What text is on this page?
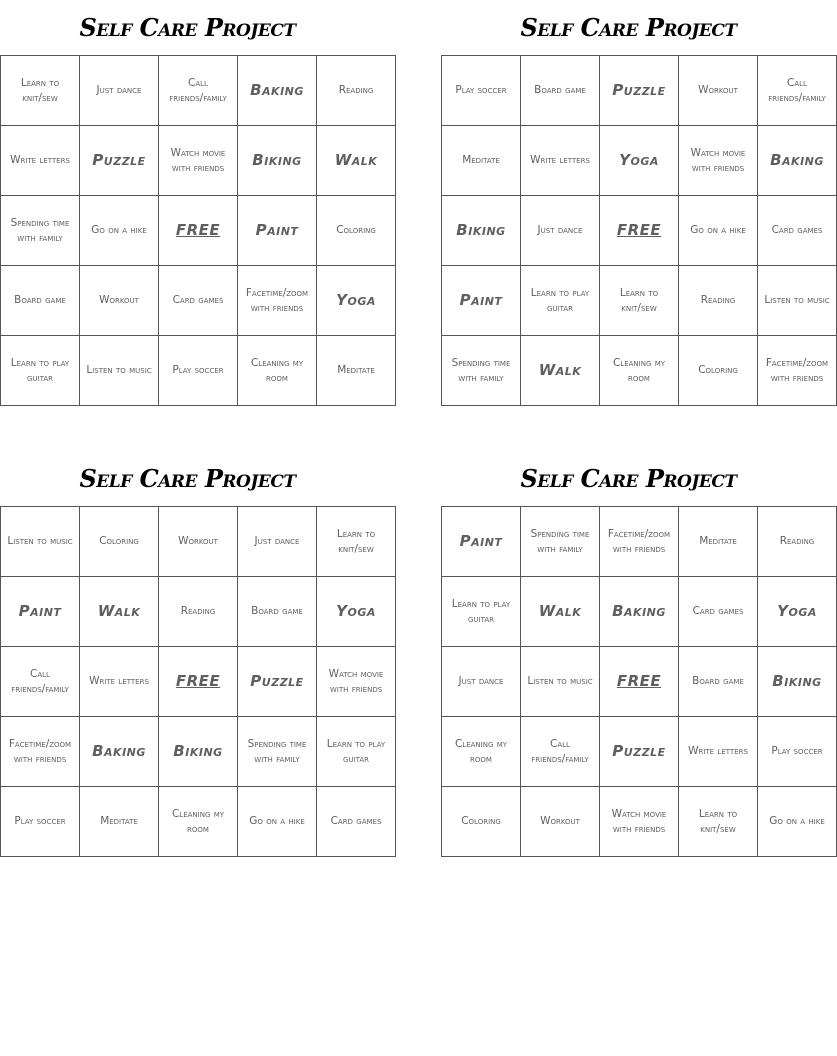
Self Care Project
Learn to knit/sew	Just dance	Call friends/family	Baking	Reading
Write letters	Puzzle	Watch movie with friends	Biking	Walk
Spending time with family	Go on a hike	FREE	Paint	Coloring
Board game	Workout	Card games	Facetime/zoom with friends	Yoga
Learn to play guitar	Listen to music	Play soccer	Cleaning my room	Meditate
Self Care Project
Play soccer	Board game	Puzzle	Workout	Call friends/family
Meditate	Write letters	Yoga	Watch movie with friends	Baking
Biking	Just dance	FREE	Go on a hike	Card games
Paint	Learn to play guitar	Learn to knit/sew	Reading	Listen to music
Spending time with family	Walk	Cleaning my room	Coloring	Facetime/zoom with friends
Self Care Project
Listen to music	Coloring	Workout	Just dance	Learn to knit/sew
Paint	Walk	Reading	Board game	Yoga
Call friends/family	Write letters	FREE	Puzzle	Watch movie with friends
Facetime/zoom with friends	Baking	Biking	Spending time with family	Learn to play guitar
Play soccer	Meditate	Cleaning my room	Go on a hike	Card games
Self Care Project
Paint	Spending time with family	Facetime/zoom with friends	Meditate	Reading
Learn to play guitar	Walk	Baking	Card games	Yoga
Just dance	Listen to music	FREE	Board game	Biking
Cleaning my room	Call friends/family	Puzzle	Write letters	Play soccer
Coloring	Workout	Watch movie with friends	Learn to knit/sew	Go on a hike
